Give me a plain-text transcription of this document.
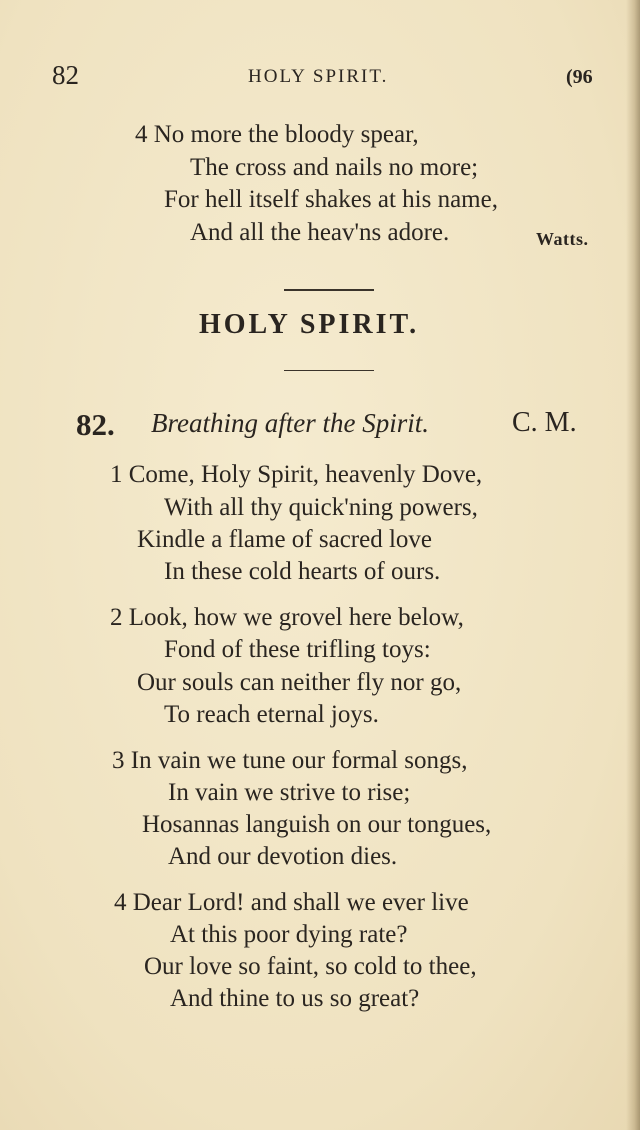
82	HOLY SPIRIT.	(96
4 No more the bloody spear,
The cross and nails no more;
For hell itself shakes at his name,
And all the heav'ns adore.	Watts.
HOLY SPIRIT.
82. Breathing after the Spirit.	C. M.
1 Come, Holy Spirit, heavenly Dove,
With all thy quick'ning powers,
Kindle a flame of sacred love
In these cold hearts of ours.
2 Look, how we grovel here below,
Fond of these trifling toys:
Our souls can neither fly nor go,
To reach eternal joys.
3 In vain we tune our formal songs,
In vain we strive to rise;
Hosannas languish on our tongues,
And our devotion dies.
4 Dear Lord! and shall we ever live
At this poor dying rate?
Our love so faint, so cold to thee,
And thine to us so great?
